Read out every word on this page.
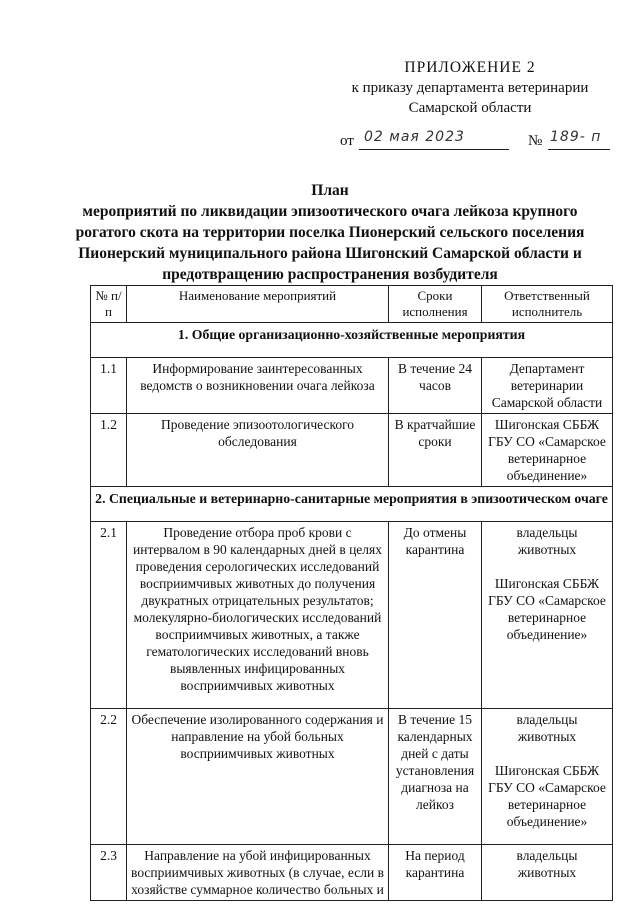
ПРИЛОЖЕНИЕ 2
к приказу департамента ветеринарии
Самарской области
от 02 мая 2023	№ 189- п
План
мероприятий по ликвидации эпизоотического очага лейкоза крупного
рогатого скота на территории поселка Пионерский сельского поселения
Пионерский муниципального района Шигонский Самарской области и
предотвращению распространения возбудителя
№ п/п	Наименование мероприятий	Сроки исполнения	Ответственный исполнитель
1. Общие организационно-хозяйственные мероприятия			
1.1	Информирование заинтересованных ведомств о возникновении очага лейкоза	В течение 24 часов	Департамент ветеринарии Самарской области
1.2	Проведение эпизоотологического обследования	В кратчайшие сроки	Шигонская СББЖ ГБУ СО «Самарское ветеринарное объединение»
2. Специальные и ветеринарно-санитарные мероприятия в эпизоотическом очаге			
2.1	Проведение отбора проб крови с интервалом в 90 календарных дней в целях проведения серологических исследований восприимчивых животных до получения двукратных отрицательных результатов; молекулярно-биологических исследований восприимчивых животных, а также гематологических исследований вновь выявленных инфицированных восприимчивых животных	До отмены карантина	владельцы животных
Шигонская СББЖ ГБУ СО «Самарское ветеринарное объединение»

2.2	Обеспечение изолированного содержания и направление на убой больных восприимчивых животных	В течение 15 календарных дней с даты установления диагноза на лейкоз	владельцы животных
Шигонская СББЖ ГБУ СО «Самарское ветеринарное объединение»

2.3	Направление на убой инфицированных восприимчивых животных (в случае, если в хозяйстве суммарное количество больных и	На период карантина	владельцы животных
